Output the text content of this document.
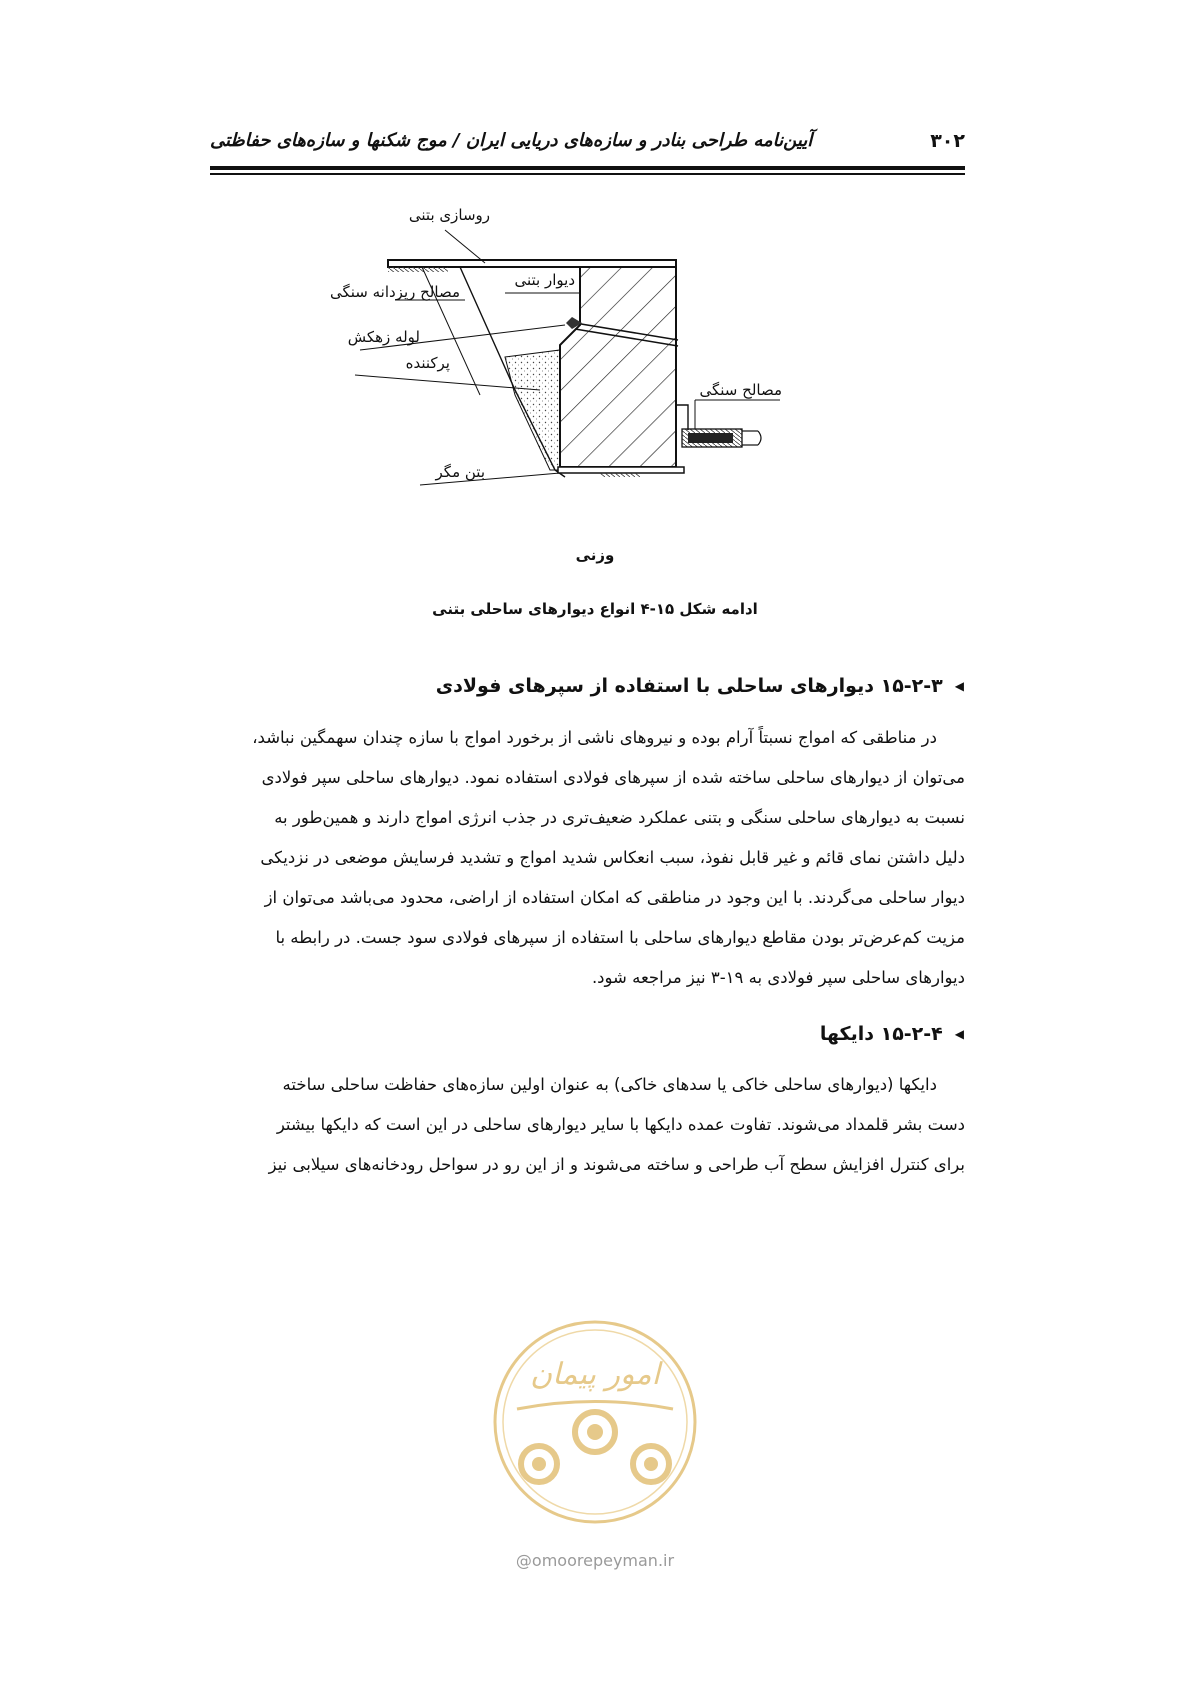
۳۰۲
آیین‌نامه طراحی بنادر و سازه‌های دریایی ایران / موج شکنها و سازه‌های حفاظتی
روسازی بتنی
دیوار بتنی
مصالح ریزدانه سنگی
لوله زهکش
پرکننده
مصالح سنگی
بتن مگر
وزنی
ادامه شکل ۱۵-۴ انواع دیوارهای ساحلی بتنی
◀۱۵-۲-۳ دیوارهای ساحلی با استفاده از سپرهای فولادی
در مناطقی که امواج نسبتاً آرام بوده و نیروهای ناشی از برخورد امواج با سازه چندان سهمگین نباشد،
می‌توان از دیوارهای ساحلی ساخته شده از سپرهای فولادی استفاده نمود. دیوارهای ساحلی سپر فولادی
نسبت به دیوارهای ساحلی سنگی و بتنی عملکرد ضعیف‌تری در جذب انرژی امواج دارند و همین‌طور به
دلیل داشتن نمای قائم و غیر قابل نفوذ، سبب انعکاس شدید امواج و تشدید فرسایش موضعی در نزدیکی
دیوار ساحلی می‌گردند. با این وجود در مناطقی که امکان استفاده از اراضی، محدود می‌باشد می‌توان از
مزیت کم‌عرض‌تر بودن مقاطع دیوارهای ساحلی با استفاده از سپرهای فولادی سود جست. در رابطه با
دیوارهای ساحلی سپر فولادی به ۱۹-۳ نیز مراجعه شود.
◀۱۵-۲-۴ دایکها
دایکها (دیوارهای ساحلی خاکی یا سدهای خاکی) به عنوان اولین سازه‌های حفاظت ساحلی ساخته
دست بشر قلمداد می‌شوند. تفاوت عمده دایکها با سایر دیوارهای ساحلی در این است که دایکها بیشتر
برای کنترل افزایش سطح آب طراحی و ساخته می‌شوند و از این رو در سواحل رودخانه‌های سیلابی نیز
امور پیمان
@omoorepeyman.ir
